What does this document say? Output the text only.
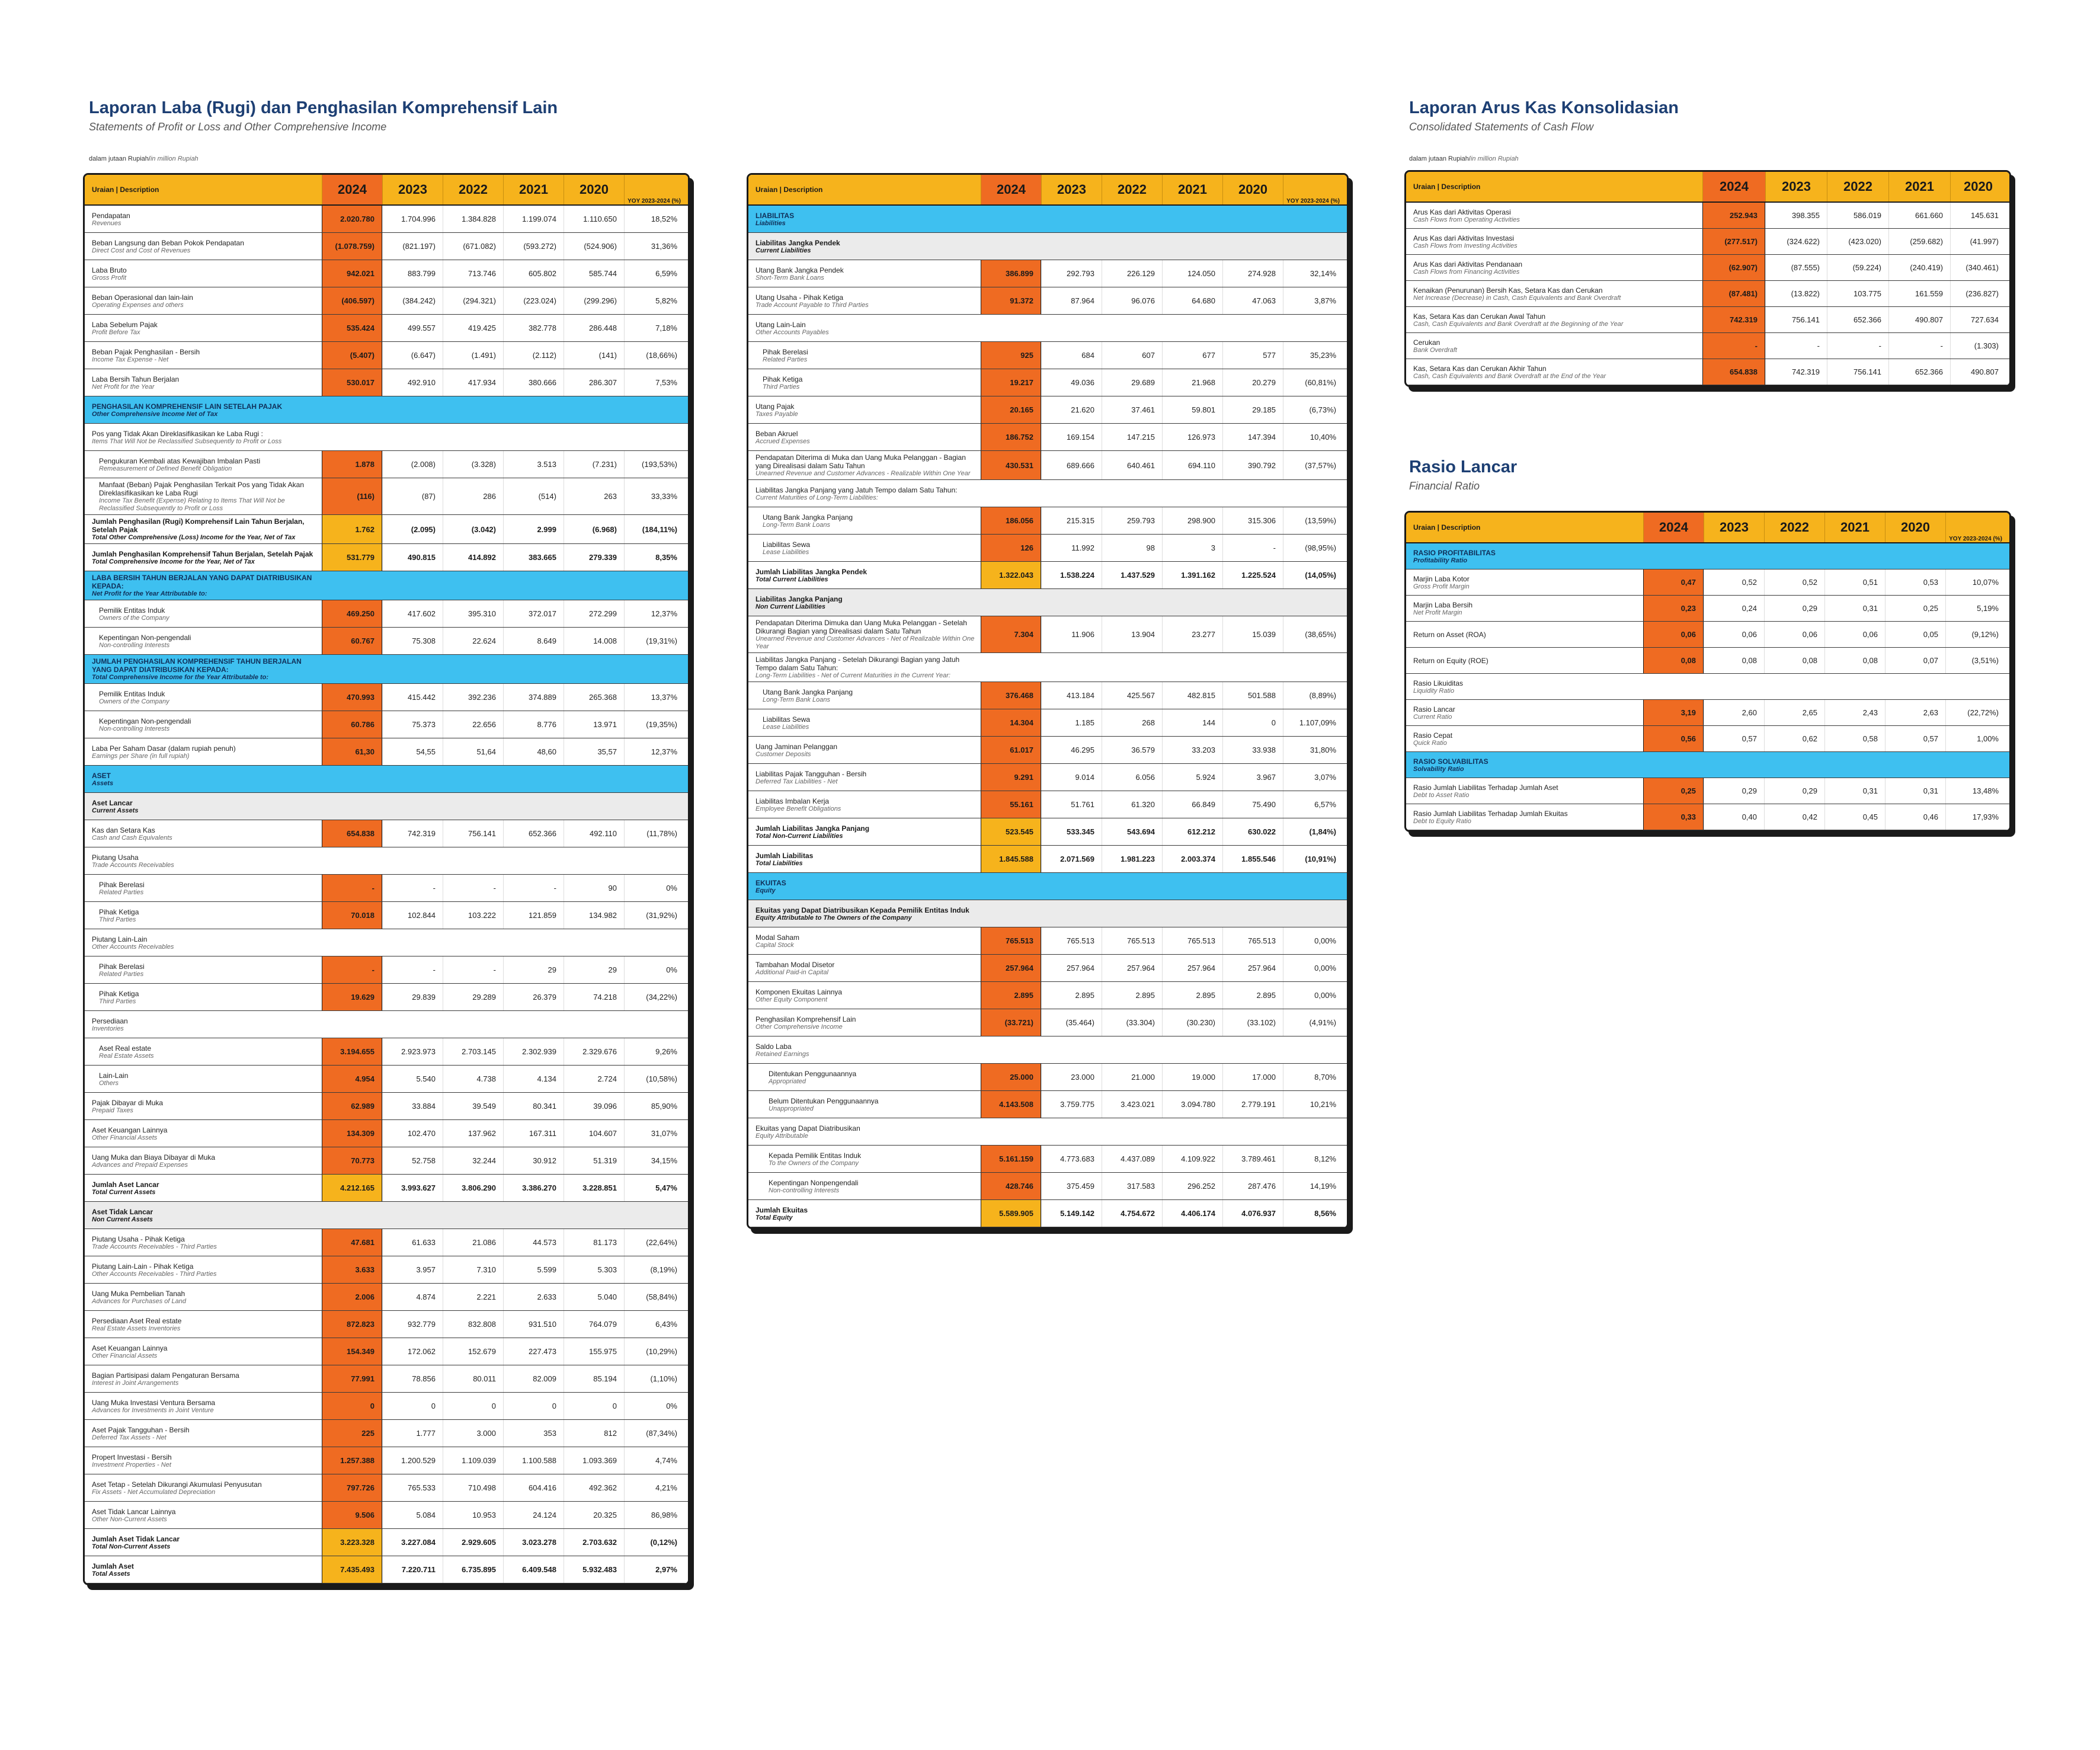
Laporan Laba (Rugi) dan Penghasilan Komprehensif Lain
Statements of Profit or Loss and Other Comprehensive Income
dalam jutaan Rupiah/in million Rupiah
Laporan Arus Kas Konsolidasian
Consolidated Statements of Cash Flow
dalam jutaan Rupiah/in million Rupiah
Rasio Lancar
Financial Ratio
Uraian | Description	2024	2023	2022	2021	2020
YOY 2023-2024 (%)
Pendapatan
Revenues	2.020.780	1.704.996	1.384.828	1.199.074	1.110.650	18,52%
Beban Langsung dan Beban Pokok Pendapatan
Direct Cost and Cost of Revenues	(1.078.759)	(821.197)	(671.082)	(593.272)	(524.906)	31,36%
Laba Bruto
Gross Profit	942.021	883.799	713.746	605.802	585.744	6,59%
Beban Operasional dan lain-lain
Operating Expenses and others	(406.597)	(384.242)	(294.321)	(223.024)	(299.296)	5,82%
Laba Sebelum Pajak
Profit Before Tax	535.424	499.557	419.425	382.778	286.448	7,18%
Beban Pajak Penghasilan - Bersih
Income Tax Expense - Net	(5.407)	(6.647)	(1.491)	(2.112)	(141)	(18,66%)
Laba Bersih Tahun Berjalan
Net Profit for the Year	530.017	492.910	417.934	380.666	286.307	7,53%
PENGHASILAN KOMPREHENSIF LAIN SETELAH PAJAK
Other Comprehensive Income Net of Tax
Pos yang Tidak Akan Direklasifikasikan ke Laba Rugi :
Items That Will Not be Reclassified Subsequently to Profit or Loss
Pengukuran Kembali atas Kewajiban Imbalan Pasti
Remeasurement of Defined Benefit Obligation	1.878	(2.008)	(3.328)	3.513	(7.231)	(193,53%)
Manfaat (Beban) Pajak Penghasilan Terkait Pos yang Tidak Akan Direklasifikasikan ke Laba Rugi
Income Tax Benefit (Expense) Relating to Items That Will Not be Reclassified Subsequently to Profit or Loss
(116)	(87)	286	(514)	263	33,33%
Jumlah Penghasilan (Rugi) Komprehensif Lain Tahun Berjalan, Setelah Pajak
Total Other Comprehensive (Loss) Income for the Year, Net of Tax
1.762	(2.095)	(3.042)	2.999	(6.968)	(184,11%)
Jumlah Penghasilan Komprehensif Tahun Berjalan, Setelah Pajak
Total Comprehensive Income for the Year, Net of Tax	531.779	490.815	414.892	383.665	279.339	8,35%
LABA BERSIH TAHUN BERJALAN YANG DAPAT DIATRIBUSIKAN KEPADA:
Net Profit for the Year Attributable to:
Pemilik Entitas Induk
Owners of the Company	469.250	417.602	395.310	372.017	272.299	12,37%
Kepentingan Non-pengendali
Non-controlling Interests	60.767	75.308	22.624	8.649	14.008	(19,31%)
JUMLAH PENGHASILAN KOMPREHENSIF TAHUN BERJALAN YANG DAPAT DIATRIBUSIKAN KEPADA:
Total Comprehensive Income for the Year Attributable to:
Pemilik Entitas Induk
Owners of the Company	470.993	415.442	392.236	374.889	265.368	13,37%
Kepentingan Non-pengendali
Non-controlling Interests	60.786	75.373	22.656	8.776	13.971	(19,35%)
Laba Per Saham Dasar (dalam rupiah penuh)
Earnings per Share (in full rupiah)	61,30	54,55	51,64	48,60	35,57	12,37%
ASET
Assets
Aset Lancar
Current Assets
Kas dan Setara Kas
Cash and Cash Equivalents	654.838	742.319	756.141	652.366	492.110	(11,78%)
Piutang Usaha
Trade Accounts Receivables
Pihak Berelasi
Related Parties	-	-	-	-	90	0%
Pihak Ketiga
Third Parties	70.018	102.844	103.222	121.859	134.982	(31,92%)
Piutang Lain-Lain
Other Accounts Receivables
Pihak Berelasi
Related Parties	-	-	-	29	29	0%
Pihak Ketiga
Third Parties	19.629	29.839	29.289	26.379	74.218	(34,22%)
Persediaan
Inventories
Aset Real estate
Real Estate Assets	3.194.655	2.923.973	2.703.145	2.302.939	2.329.676	9,26%
Lain-Lain
Others	4.954	5.540	4.738	4.134	2.724	(10,58%)
Pajak Dibayar di Muka
Prepaid Taxes	62.989	33.884	39.549	80.341	39.096	85,90%
Aset Keuangan Lainnya
Other Financial Assets	134.309	102.470	137.962	167.311	104.607	31,07%
Uang Muka dan Biaya Dibayar di Muka
Advances and Prepaid Expenses	70.773	52.758	32.244	30.912	51.319	34,15%
Jumlah Aset Lancar
Total Current Assets	4.212.165	3.993.627	3.806.290	3.386.270	3.228.851	5,47%
Aset Tidak Lancar
Non Current Assets
Piutang Usaha - Pihak Ketiga
Trade Accounts Receivables - Third Parties	47.681	61.633	21.086	44.573	81.173	(22,64%)
Piutang Lain-Lain - Pihak Ketiga
Other Accounts Receivables - Third Parties	3.633	3.957	7.310	5.599	5.303	(8,19%)
Uang Muka Pembelian Tanah
Advances for Purchases of Land	2.006	4.874	2.221	2.633	5.040	(58,84%)
Persediaan Aset Real estate
Real Estate Assets Inventories	872.823	932.779	832.808	931.510	764.079	6,43%
Aset Keuangan Lainnya
Other Financial Assets	154.349	172.062	152.679	227.473	155.975	(10,29%)
Bagian Partisipasi dalam Pengaturan Bersama
Interest in Joint Arrangements	77.991	78.856	80.011	82.009	85.194	(1,10%)
Uang Muka Investasi Ventura Bersama
Advances for Investments in Joint Venture	0	0	0	0	0	0%
Aset Pajak Tangguhan - Bersih
Deferred Tax Assets - Net	225	1.777	3.000	353	812	(87,34%)
Propert Investasi - Bersih
Investment Properties - Net	1.257.388	1.200.529	1.109.039	1.100.588	1.093.369	4,74%
Aset Tetap - Setelah Dikurangi Akumulasi Penyusutan
Fix Assets - Net Accumulated Depreciation	797.726	765.533	710.498	604.416	492.362	4,21%
Aset Tidak Lancar Lainnya
Other Non-Current Assets	9.506	5.084	10.953	24.124	20.325	86,98%
Jumlah Aset Tidak Lancar
Total Non-Current Assets	3.223.328	3.227.084	2.929.605	3.023.278	2.703.632	(0,12%)
Jumlah Aset
Total Assets	7.435.493	7.220.711	6.735.895	6.409.548	5.932.483	2,97%
Uraian | Description	2024	2023	2022	2021	2020
YOY 2023-2024 (%)
LIABILITAS
Liabilities
Liabilitas Jangka Pendek
Current Liabilities
Utang Bank Jangka Pendek
Short-Term Bank Loans	386.899	292.793	226.129	124.050	274.928	32,14%
Utang Usaha - Pihak Ketiga
Trade Account Payable to Third Parties	91.372	87.964	96.076	64.680	47.063	3,87%
Utang Lain-Lain
Other Accounts Payables
Pihak Berelasi
Related Parties	925	684	607	677	577	35,23%
Pihak Ketiga
Third Parties	19.217	49.036	29.689	21.968	20.279	(60,81%)
Utang Pajak
Taxes Payable	20.165	21.620	37.461	59.801	29.185	(6,73%)
Beban Akruel
Accrued Expenses	186.752	169.154	147.215	126.973	147.394	10,40%
Pendapatan Diterima di Muka dan Uang Muka Pelanggan - Bagian yang Direalisasi dalam Satu Tahun
Unearned Revenue and Customer Advances - Realizable Within One Year
430.531	689.666	640.461	694.110	390.792	(37,57%)
Liabilitas Jangka Panjang yang Jatuh Tempo dalam Satu Tahun:
Current Maturities of Long-Term Liabilities:
Utang Bank Jangka Panjang
Long-Term Bank Loans	186.056	215.315	259.793	298.900	315.306	(13,59%)
Liabilitas Sewa
Lease Liabilities	126	11.992	98	3	-	(98,95%)
Jumlah Liabilitas Jangka Pendek
Total Current Liabilities	1.322.043	1.538.224	1.437.529	1.391.162	1.225.524	(14,05%)
Liabilitas Jangka Panjang
Non Current Liabilities
Pendapatan Diterima Dimuka dan Uang Muka Pelanggan - Setelah Dikurangi Bagian yang Direalisasi dalam Satu Tahun
Unearned Revenue and Customer Advances - Net of Realizable Within One Year
7.304	11.906	13.904	23.277	15.039	(38,65%)
Liabilitas Jangka Panjang - Setelah Dikurangi Bagian yang Jatuh Tempo dalam Satu Tahun:
Long-Term Liabilities - Net of Current Maturities in the Current Year:
Utang Bank Jangka Panjang
Long-Term Bank Loans	376.468	413.184	425.567	482.815	501.588	(8,89%)
Liabilitas Sewa
Lease Liabilities	14.304	1.185	268	144	0	1.107,09%
Uang Jaminan Pelanggan
Customer Deposits	61.017	46.295	36.579	33.203	33.938	31,80%
Liabilitas Pajak Tangguhan - Bersih
Deferred Tax Liabilities - Net	9.291	9.014	6.056	5.924	3.967	3,07%
Liabilitas Imbalan Kerja
Employee Benefit Obligations	55.161	51.761	61.320	66.849	75.490	6,57%
Jumlah Liabilitas Jangka Panjang
Total Non-Current Liabilities	523.545	533.345	543.694	612.212	630.022	(1,84%)
Jumlah Liabilitas
Total Liabilities	1.845.588	2.071.569	1.981.223	2.003.374	1.855.546	(10,91%)
EKUITAS
Equity
Ekuitas yang Dapat Diatribusikan Kepada Pemilik Entitas Induk
Equity Attributable to The Owners of the Company
Modal Saham
Capital Stock	765.513	765.513	765.513	765.513	765.513	0,00%
Tambahan Modal Disetor
Additional Paid-in Capital	257.964	257.964	257.964	257.964	257.964	0,00%
Komponen Ekuitas Lainnya
Other Equity Component	2.895	2.895	2.895	2.895	2.895	0,00%
Penghasilan Komprehensif Lain
Other Comprehensive Income	(33.721)	(35.464)	(33.304)	(30.230)	(33.102)	(4,91%)
Saldo Laba
Retained Earnings
Ditentukan Penggunaannya
Appropriated	25.000	23.000	21.000	19.000	17.000	8,70%
Belum Ditentukan Penggunaannya
Unappropriated	4.143.508	3.759.775	3.423.021	3.094.780	2.779.191	10,21%
Ekuitas yang Dapat Diatribusikan
Equity Attributable
Kepada Pemilik Entitas Induk
To the Owners of the Company	5.161.159	4.773.683	4.437.089	4.109.922	3.789.461	8,12%
Kepentingan Nonpengendali
Non-controlling Interests	428.746	375.459	317.583	296.252	287.476	14,19%
Jumlah Ekuitas
Total Equity	5.589.905	5.149.142	4.754.672	4.406.174	4.076.937	8,56%
Uraian | Description	2024	2023	2022	2021	2020
Arus Kas dari Aktivitas Operasi
Cash Flows from Operating Activities	252.943	398.355	586.019	661.660	145.631
Arus Kas dari Aktivitas Investasi
Cash Flows from Investing Activities	(277.517)	(324.622)	(423.020)	(259.682)	(41.997)
Arus Kas dari Aktivitas Pendanaan
Cash Flows from Financing Activities	(62.907)	(87.555)	(59.224)	(240.419)	(340.461)
Kenaikan (Penurunan) Bersih Kas, Setara Kas dan Cerukan
Net Increase (Decrease) in Cash, Cash Equivalents and Bank Overdraft	(87.481)	(13.822)	103.775	161.559	(236.827)
Kas, Setara Kas dan Cerukan Awal Tahun
Cash, Cash Equivalents and Bank Overdraft at the Beginning of the Year	742.319	756.141	652.366	490.807	727.634
Cerukan
Bank Overdraft	-	-	-	-	(1.303)
Kas, Setara Kas dan Cerukan Akhir Tahun
Cash, Cash Equivalents and Bank Overdraft at the End of the Year	654.838	742.319	756.141	652.366	490.807
Uraian | Description	2024	2023	2022	2021	2020
YOY 2023-2024 (%)
RASIO PROFITABILITAS
Profitability Ratio
Marjin Laba Kotor
Gross Profit Margin	0,47	0,52	0,52	0,51	0,53	10,07%
Marjin Laba Bersih
Net Profit Margin	0,23	0,24	0,29	0,31	0,25	5,19%
Return on Asset (ROA)	0,06	0,06	0,06	0,06	0,05	(9,12%)
Return on Equity (ROE)	0,08	0,08	0,08	0,08	0,07	(3,51%)
Rasio Likuiditas
Liquidity Ratio
Rasio Lancar
Current Ratio	3,19	2,60	2,65	2,43	2,63	(22,72%)
Rasio Cepat
Quick Ratio	0,56	0,57	0,62	0,58	0,57	1,00%
RASIO SOLVABILITAS
Solvability Ratio
Rasio Jumlah Liabilitas Terhadap Jumlah Aset
Debt to Asset Ratio	0,25	0,29	0,29	0,31	0,31	13,48%
Rasio Jumlah Liabilitas Terhadap Jumlah Ekuitas
Debt to Equity Ratio	0,33	0,40	0,42	0,45	0,46	17,93%
